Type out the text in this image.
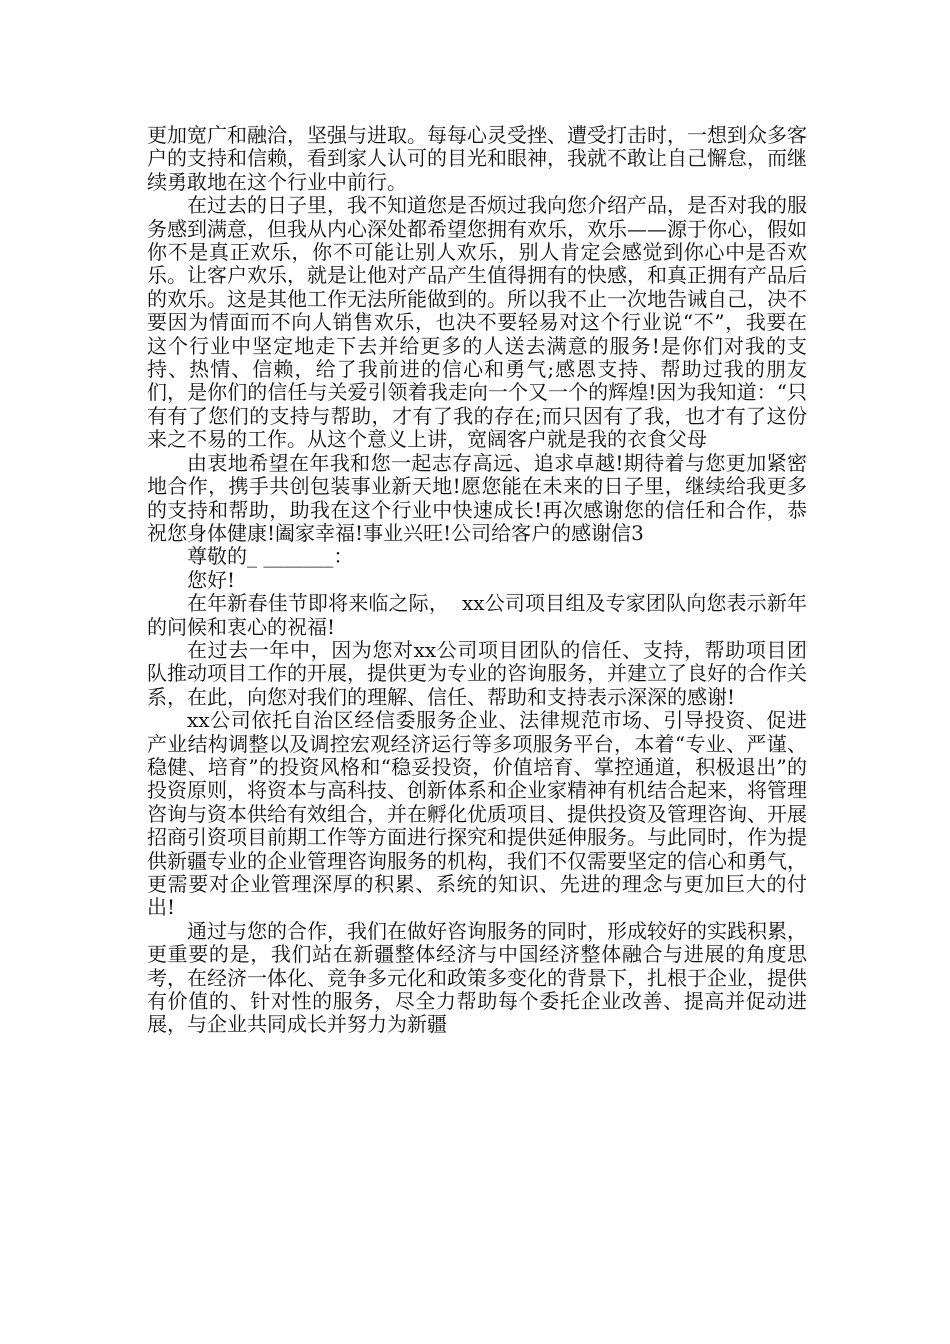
更加宽广和融洽，坚强与进取。每每心灵受挫、遭受打击时，一想到众多客户的支持和信赖，看到家人认可的目光和眼神，我就不敢让自己懈怠，而继续勇敢地在这个行业中前行。

在过去的日子里，我不知道您是否烦过我向您介绍产品，是否对我的服务感到满意，但我从内心深处都希望您拥有欢乐，欢乐——源于你心，假如你不是真正欢乐，你不可能让别人欢乐，别人肯定会感觉到你心中是否欢乐。让客户欢乐，就是让他对产品产生值得拥有的快感，和真正拥有产品后的欢乐。这是其他工作无法所能做到的。所以我不止一次地告诫自己，决不要因为情面而不向人销售欢乐，也决不要轻易对这个行业说“不”，我要在这个行业中坚定地走下去并给更多的人送去满意的服务!是你们对我的支持、热情、信赖，给了我前进的信心和勇气;感恩支持、帮助过我的朋友们，是你们的信任与关爱引领着我走向一个又一个的辉煌!因为我知道：“只有有了您们的支持与帮助，才有了我的存在;而只因有了我，也才有了这份来之不易的工作。从这个意义上讲，宽阔客户就是我的衣食父母

由衷地希望在年我和您一起志存高远、追求卓越!期待着与您更加紧密地合作，携手共创包装事业新天地!愿您能在未来的日子里，继续给我更多的支持和帮助，助我在这个行业中快速成长!再次感谢您的信任和合作，恭祝您身体健康!阖家幸福!事业兴旺!公司给客户的感谢信3

尊敬的_ _______：

您好!

在年新春佳节即将来临之际，  xx公司项目组及专家团队向您表示新年的问候和衷心的祝福!

在过去一年中，因为您对xx公司项目团队的信任、支持，帮助项目团队推动项目工作的开展，提供更为专业的咨询服务，并建立了良好的合作关系，在此，向您对我们的理解、信任、帮助和支持表示深深的感谢!

xx公司依托自治区经信委服务企业、法律规范市场、引导投资、促进产业结构调整以及调控宏观经济运行等多项服务平台，本着“专业、严谨、稳健、培育”的投资风格和“稳妥投资，价值培育、掌控通道，积极退出”的投资原则，将资本与高科技、创新体系和企业家精神有机结合起来，将管理咨询与资本供给有效组合，并在孵化优质项目、提供投资及管理咨询、开展招商引资项目前期工作等方面进行探究和提供延伸服务。与此同时，作为提供新疆专业的企业管理咨询服务的机构，我们不仅需要坚定的信心和勇气，更需要对企业管理深厚的积累、系统的知识、先进的理念与更加巨大的付出!

通过与您的合作，我们在做好咨询服务的同时，形成较好的实践积累，更重要的是，我们站在新疆整体经济与中国经济整体融合与进展的角度思考，在经济一体化、竞争多元化和政策多变化的背景下，扎根于企业，提供有价值的、针对性的服务，尽全力帮助每个委托企业改善、提高并促动进展，与企业共同成长并努力为新疆
